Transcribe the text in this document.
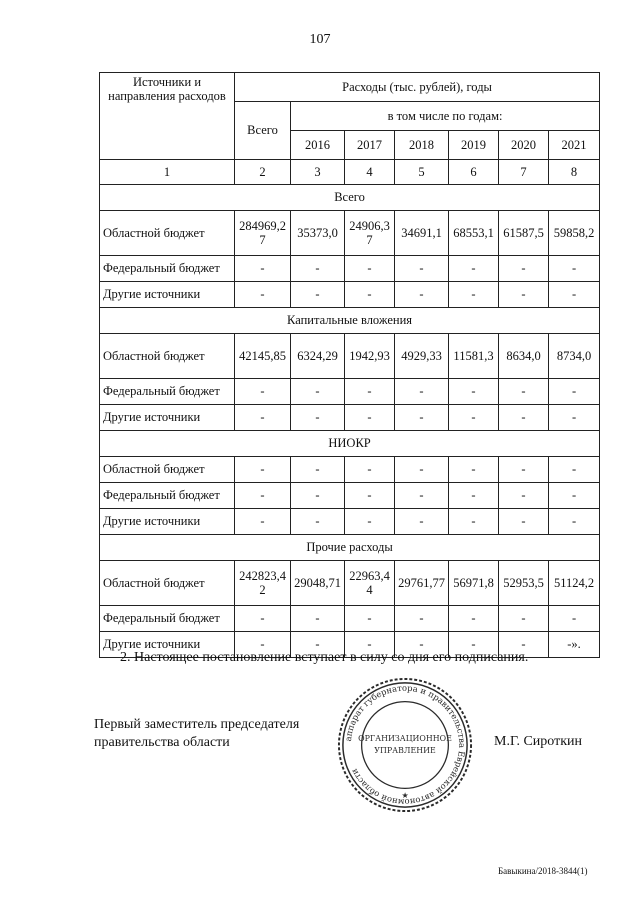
107
Источники и направления расходов	Расходы (тыс. рублей), годы						
	Всего	в том числе по годам:					
		2016	2017	2018	2019	2020	2021
1	2	3	4	5	6	7	8
Всего							
Областной бюджет	284969,27	35373,0	24906,37	34691,1	68553,1	61587,5	59858,2
Федеральный бюджет	-	-	-	-	-	-	-
Другие источники	-	-	-	-	-	-	-
Капитальные вложения							
Областной бюджет	42145,85	6324,29	1942,93	4929,33	11581,3	8634,0	8734,0
Федеральный бюджет	-	-	-	-	-	-	-
Другие источники	-	-	-	-	-	-	-
НИОКР							
Областной бюджет	-	-	-	-	-	-	-
Федеральный бюджет	-	-	-	-	-	-	-
Другие источники	-	-	-	-	-	-	-
Прочие расходы							
Областной бюджет	242823,42	29048,71	22963,44	29761,77	56971,8	52953,5	51124,2
Федеральный бюджет	-	-	-	-	-	-	-
Другие источники	-	-	-	-	-	-	-».
2. Настоящее постановление вступает в силу со дня его подписания.
Первый заместитель председателя
правительства области	аппарат губернатора и правительства Еврейской автономной области
ОРГАНИЗАЦИОННОЕ
УПРАВЛЕНИЕ
★
М.Г. Сироткин
Бавыкина/2018-3844(1)
